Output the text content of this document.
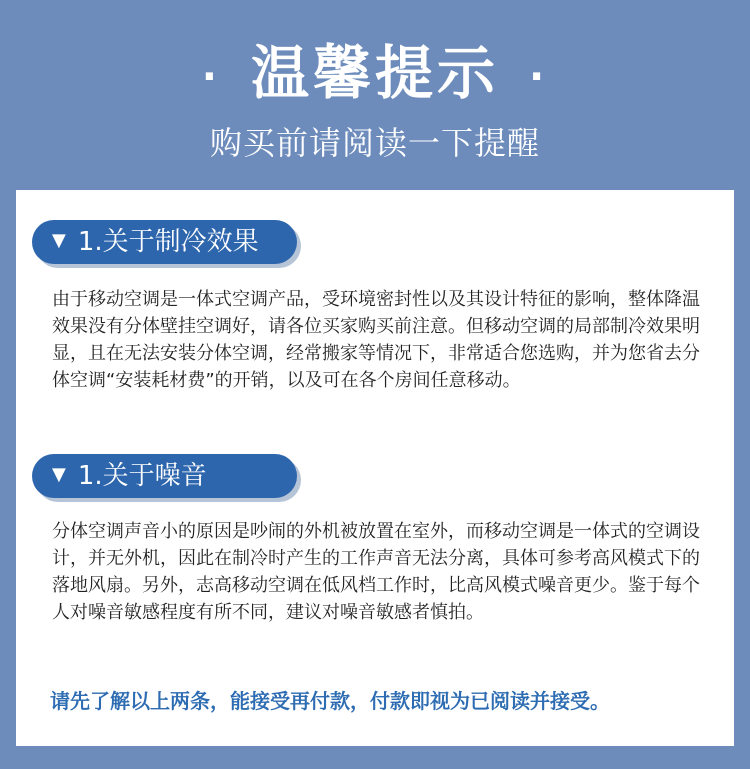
· 温馨提示 ·
购买前请阅读一下提醒
▼ 1.关于制冷效果
由于移动空调是一体式空调产品，受环境密封性以及其设计特征的影响，整体降温效果没有分体壁挂空调好，请各位买家购买前注意。但移动空调的局部制冷效果明显，且在无法安装分体空调，经常搬家等情况下，非常适合您选购，并为您省去分体空调“安装耗材费”的开销，以及可在各个房间任意移动。
▼ 1.关于噪音
分体空调声音小的原因是吵闹的外机被放置在室外，而移动空调是一体式的空调设计，并无外机，因此在制冷时产生的工作声音无法分离，具体可参考高风模式下的落地风扇。另外，志高移动空调在低风档工作时，比高风模式噪音更少。鉴于每个人对噪音敏感程度有所不同，建议对噪音敏感者慎拍。
请先了解以上两条，能接受再付款，付款即视为已阅读并接受。
